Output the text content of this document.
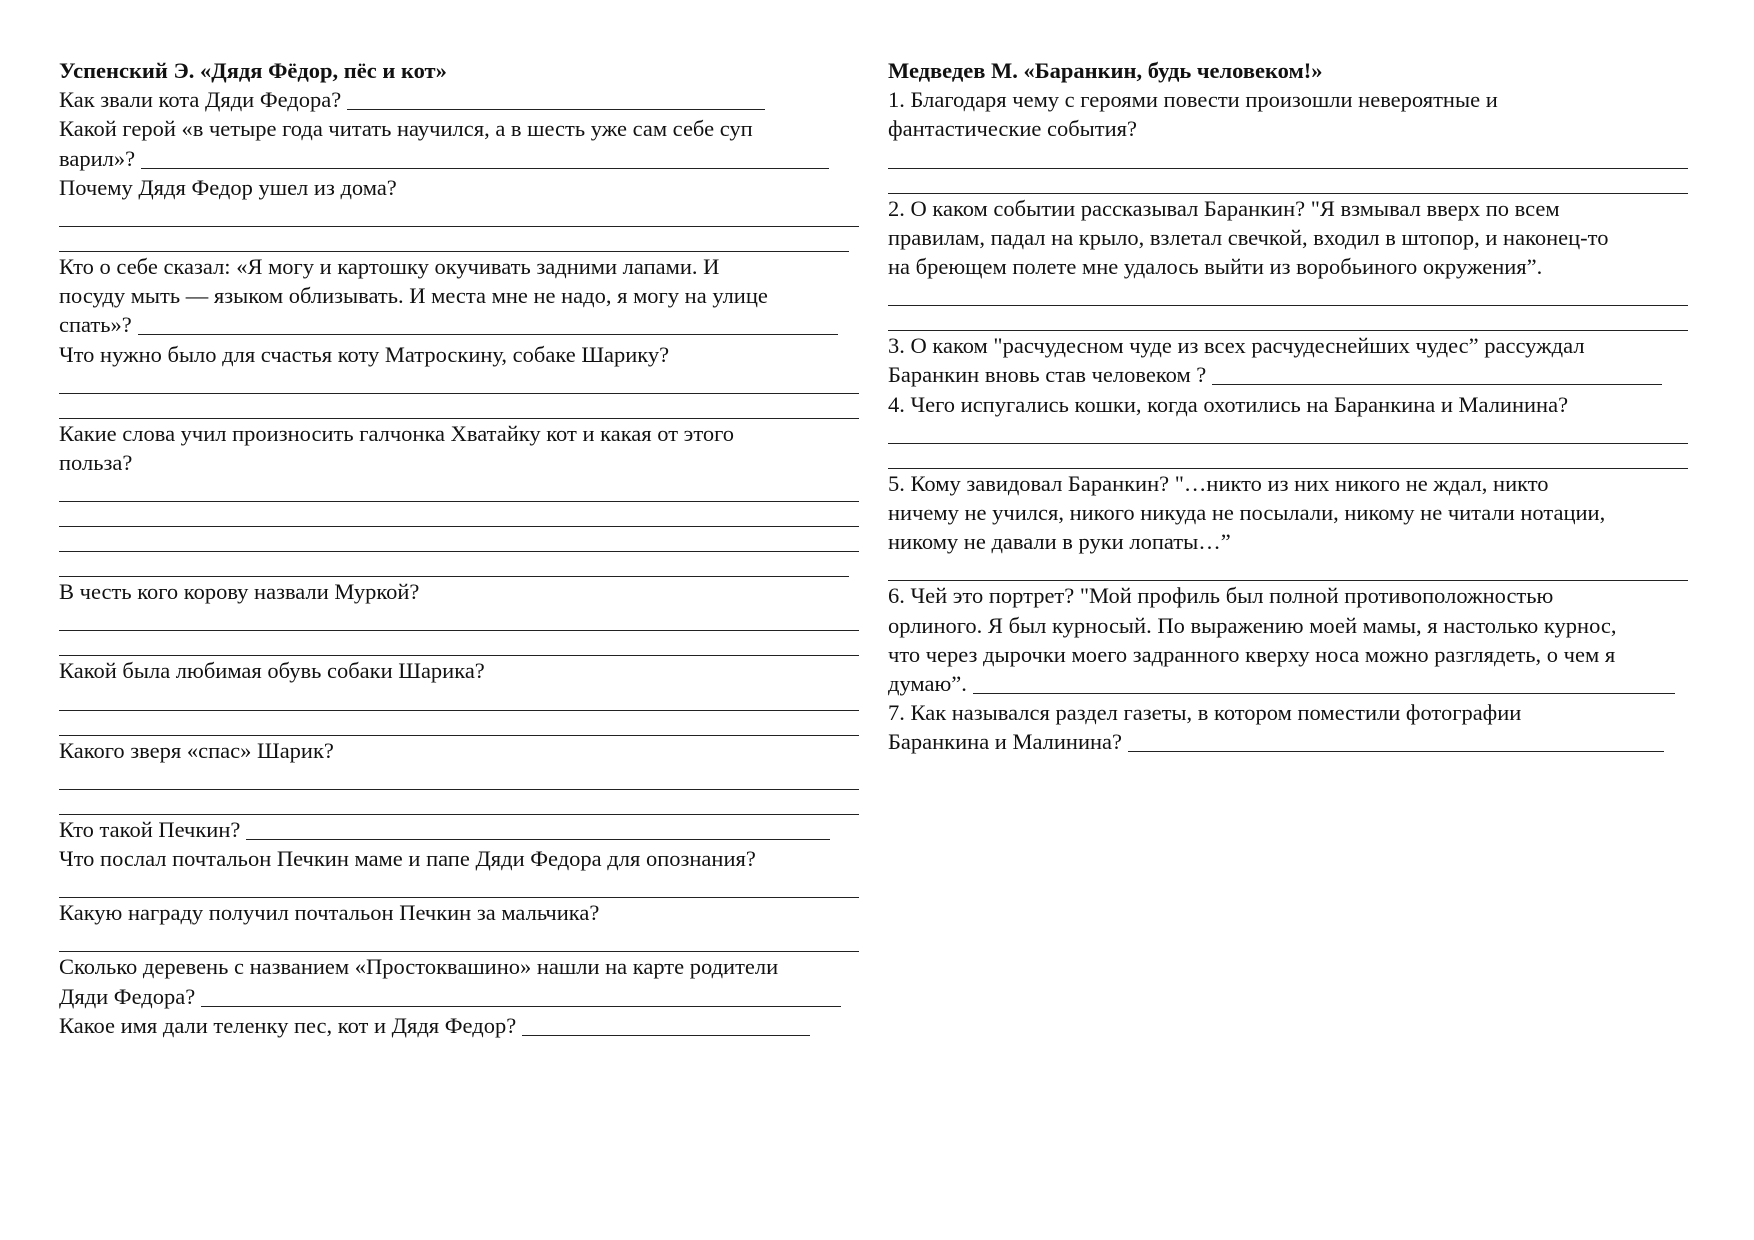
Успенский Э. «Дядя Фёдор, пёс и кот»
Как звали кота Дяди Федора?
Какой герой «в четыре года читать научился, а в шесть уже сам себе суп
варил»?
Почему Дядя Федор ушел из дома?
Кто о себе сказал: «Я могу и картошку окучивать задними лапами. И
посуду мыть — языком облизывать. И места мне не надо, я могу на улице
спать»?
Что нужно было для счастья коту Матроскину, собаке Шарику?
Какие слова учил произносить галчонка Хватайку кот и какая от этого
польза?
В честь кого корову назвали Муркой?
Какой была любимая обувь собаки Шарика?
Какого зверя «спас» Шарик?
Кто такой Печкин?
Что послал почтальон Печкин маме и папе Дяди Федора для опознания?
Какую награду получил почтальон Печкин за мальчика?
Сколько деревень с названием «Простоквашино» нашли на карте родители
Дяди Федора?
Какое имя дали теленку пес, кот и Дядя Федор?
Медведев М. «Баранкин, будь человеком!»
1. Благодаря чему с героями повести произошли невероятные и
фантастические события?
2. О каком событии рассказывал Баранкин? "Я взмывал вверх по всем
правилам, падал на крыло, взлетал свечкой, входил в штопор, и наконец-то
на бреющем полете мне удалось выйти из воробьиного окружения”.
3. О каком "расчудесном чуде из всех расчудеснейших чудес” рассуждал
Баранкин вновь став человеком ?
4. Чего испугались кошки, когда охотились на Баранкина и Малинина?
5. Кому завидовал Баранкин? "…никто из них никого не ждал, никто
ничему не учился, никого никуда не посылали, никому не читали нотации,
никому не давали в руки лопаты…”
6. Чей это портрет? "Мой профиль был полной противоположностью
орлиного. Я был курносый. По выражению моей мамы, я настолько курнос,
что через дырочки моего задранного кверху носа можно разглядеть, о чем я
думаю”.
7. Как назывался раздел газеты, в котором поместили фотографии
Баранкина и Малинина?
